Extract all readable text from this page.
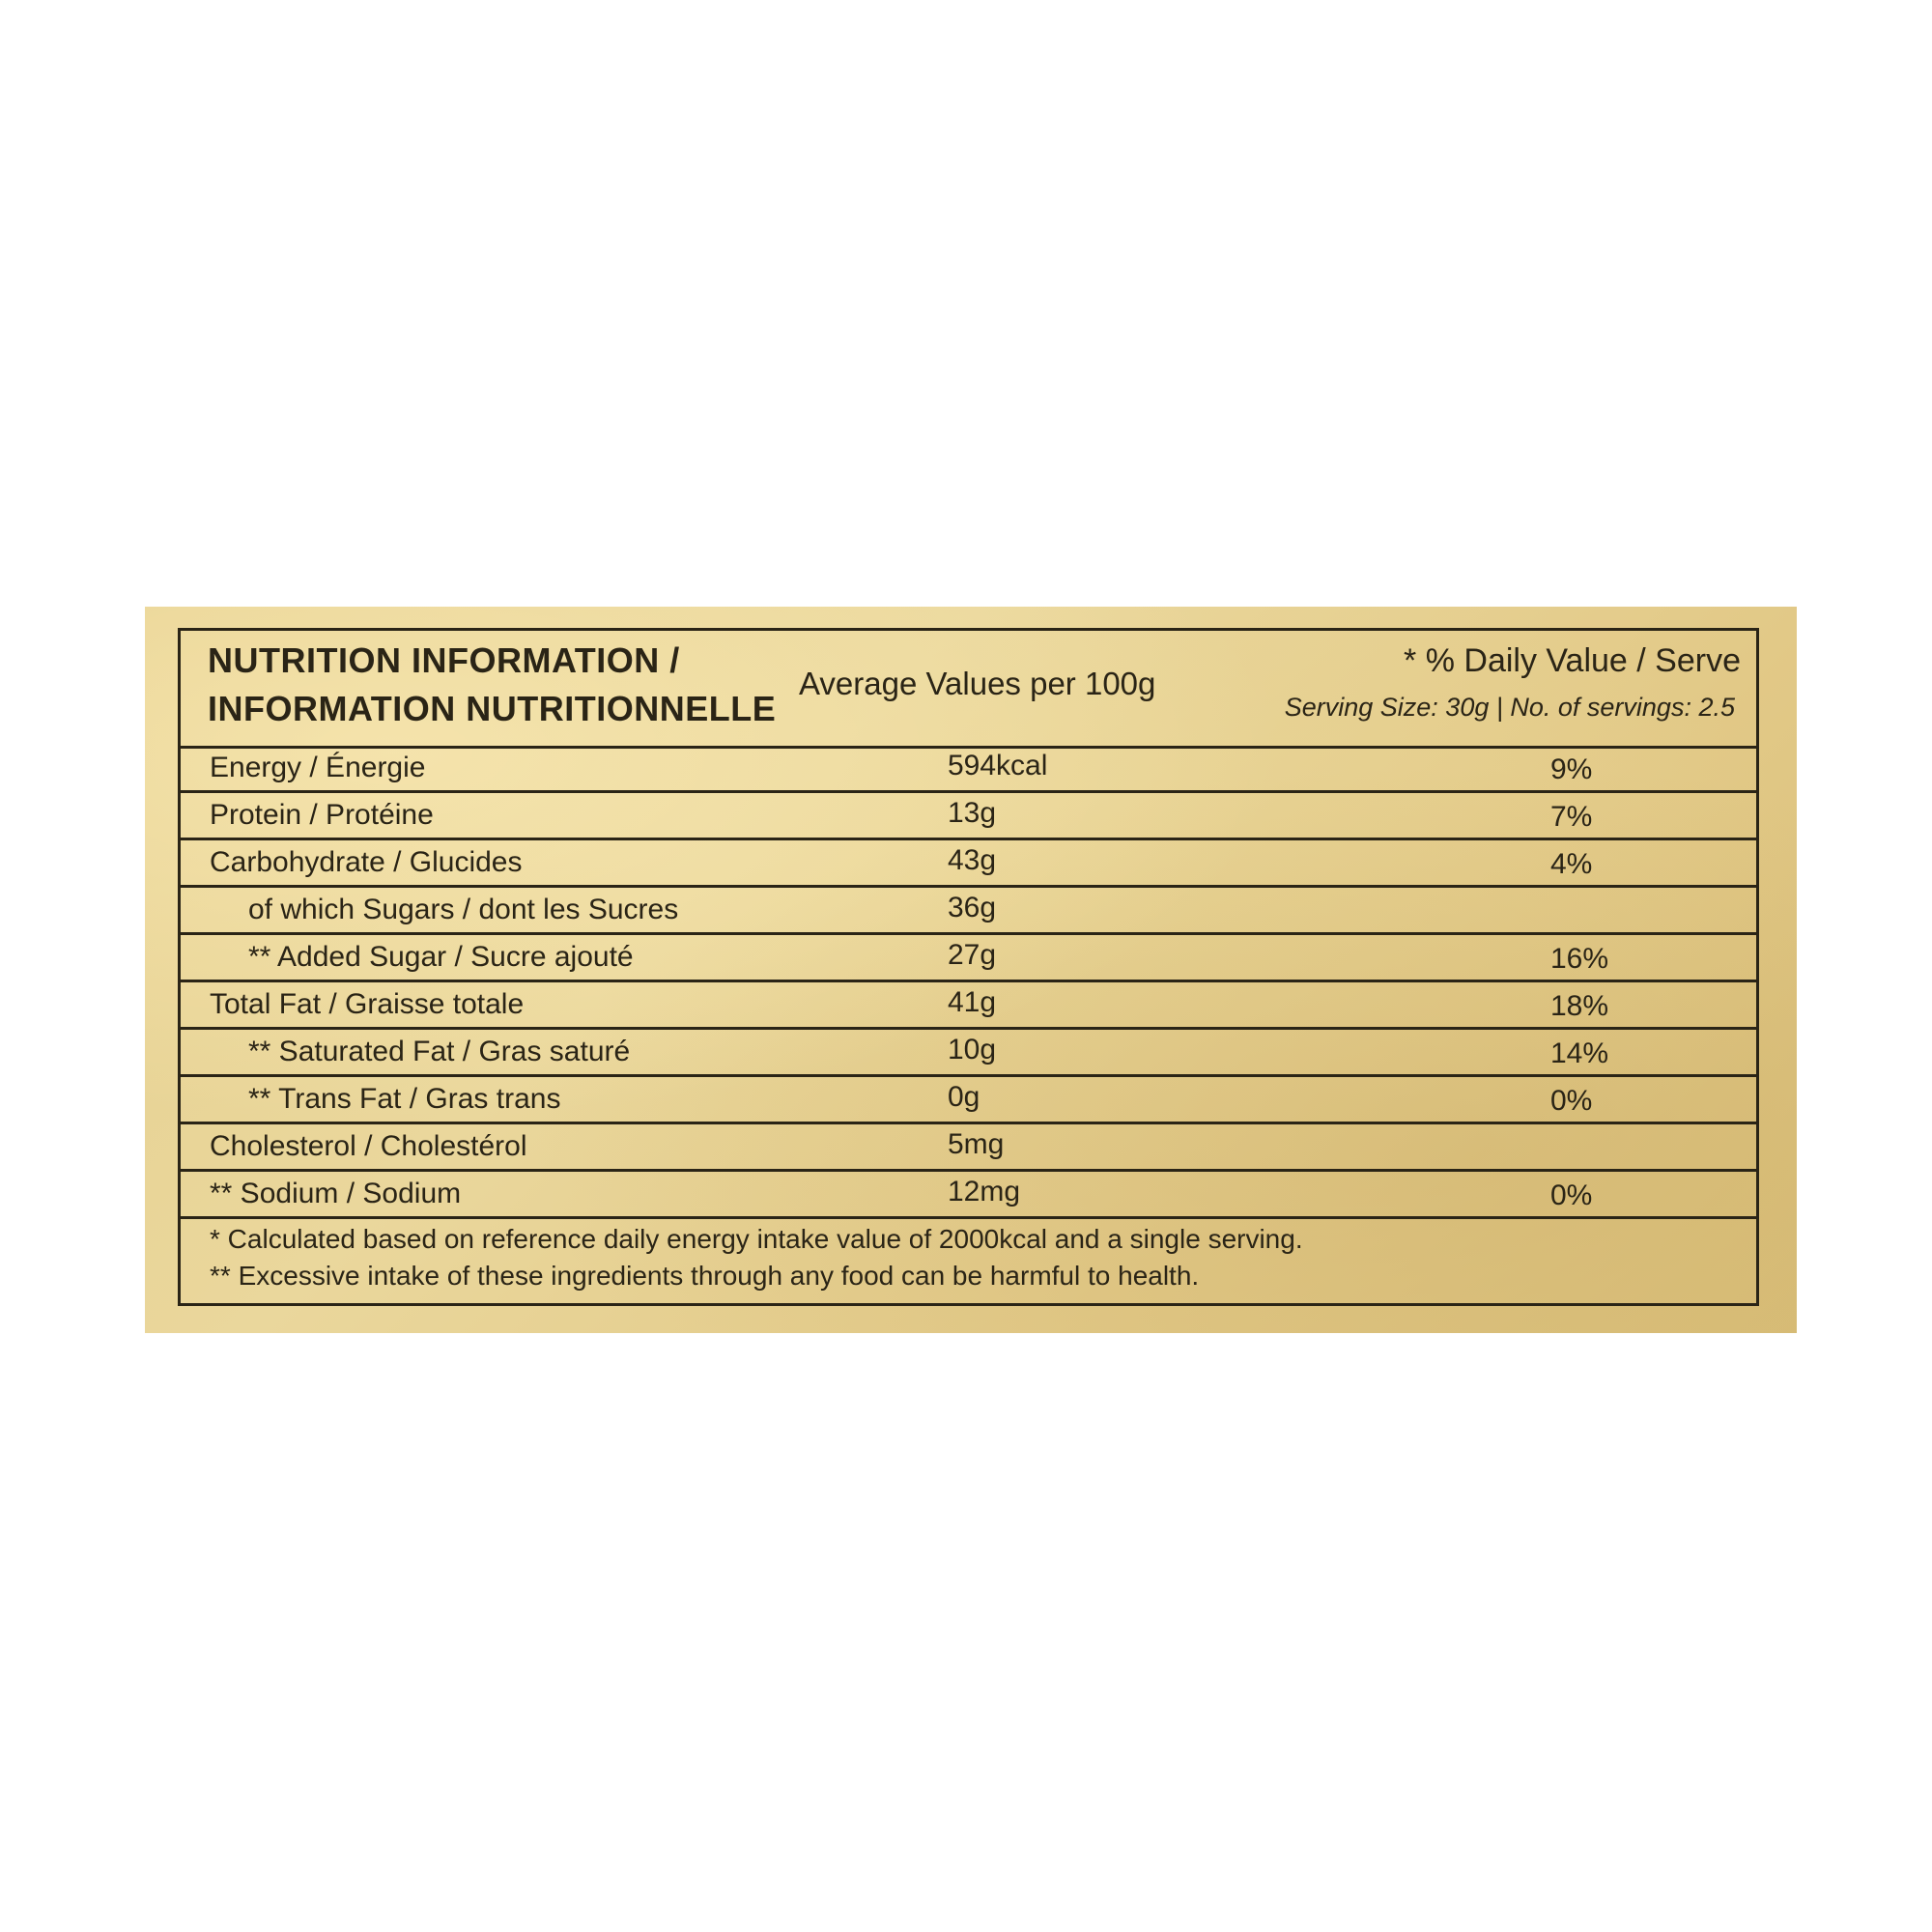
NUTRITION INFORMATION /
INFORMATION NUTRITIONNELLE
Average Values per 100g
* % Daily Value / Serve
Serving Size: 30g | No. of servings: 2.5
Energy / Énergie	594kcal	9%
Protein / Protéine	13g	7%
Carbohydrate / Glucides	43g	4%
of which Sugars / dont les Sucres	36g
** Added Sugar / Sucre ajouté	27g	16%
Total Fat / Graisse totale	41g	18%
** Saturated Fat / Gras saturé	10g	14%
** Trans Fat / Gras trans	0g	0%
Cholesterol / Cholestérol	5mg
** Sodium / Sodium	12mg	0%
* Calculated based on reference daily energy intake value of 2000kcal and a single serving.
** Excessive intake of these ingredients through any food can be harmful to health.
